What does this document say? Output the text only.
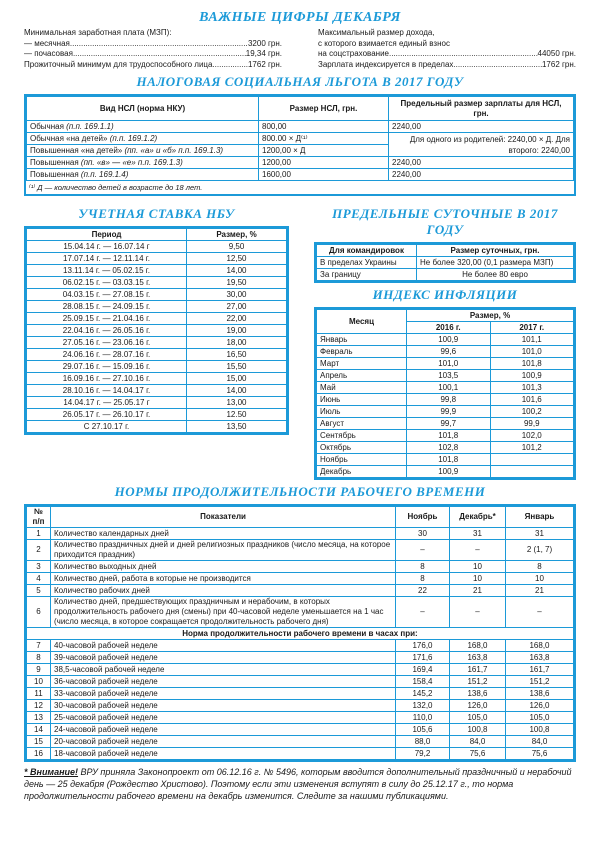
ВАЖНЫЕ ЦИФРЫ ДЕКАБРЯ
Минимальная заработная плата (МЗП):
— месячная .....	3200 грн.
— почасовая .....	19,34 грн.
Прожиточный минимум для трудоспособного лица .....	1762 грн.
Максимальный размер дохода,
с которого взимается единый взнос
на соцстрахование .....	44050 грн.
Зарплата индексируется в пределах .....	1762 грн.
НАЛОГОВАЯ СОЦИАЛЬНАЯ ЛЬГОТА В 2017 ГОДУ
Вид НСЛ (норма НКУ)	Размер НСЛ, грн.	Предельный размер зарплаты для НСЛ, грн.
Обычная (п.п. 169.1.1)	800,00	2240,00
Обычная «на детей» (п.п. 169.1.2)	800.00 × Д⁽¹⁾	Для одного из родителей: 2240,00 × Д. Для второго: 2240,00
Повышенная «на детей» (пп. «а» и «б» п.п. 169.1.3)	1200,00 × Д	
Повышенная (пп. «в» — «е» п.п. 169.1.3)	1200,00	2240,00
Повышенная (п.п. 169.1.4)	1600,00	2240,00
⁽¹⁾ Д — количество детей в возрасте до 18 лет.
УЧЕТНАЯ СТАВКА НБУ
Период	Размер, %
15.04.14 г. — 16.07.14 г	9,50
17.07.14 г. — 12.11.14 г.	12,50
13.11.14 г. — 05.02.15 г.	14,00
06.02.15 г. — 03.03.15 г.	19,50
04.03.15 г. — 27.08.15 г.	30,00
28.08.15 г. — 24.09.15 г.	27,00
25.09.15 г. — 21.04.16 г.	22,00
22.04.16 г. — 26.05.16 г.	19,00
27.05.16 г. — 23.06.16 г.	18,00
24.06.16 г. — 28.07.16 г.	16,50
29.07.16 г. — 15.09.16 г.	15,50
16.09.16 г. — 27.10.16 г.	15,00
28.10.16 г. — 14.04.17 г.	14,00
14.04.17 г. — 25.05.17 г	13,00
26.05.17 г. — 26.10.17 г.	12.50
С 27.10.17 г.	13,50
ПРЕДЕЛЬНЫЕ СУТОЧНЫЕ В 2017 ГОДУ
Для командировок	Размер суточных, грн.
В пределах Украины	Не более 320,00 (0,1 размера МЗП)
За границу	Не более 80 евро
ИНДЕКС ИНФЛЯЦИИ
Месяц	Размер, %	
	2016 г.	2017 г.
Январь	100,9	101,1
Февраль	99,6	101,0
Март	101,0	101,8
Апрель	103,5	100,9
Май	100,1	101,3
Июнь	99,8	101,6
Июль	99,9	100,2
Август	99,7	99,9
Сентябрь	101,8	102,0
Октябрь	102,8	101,2
Ноябрь	101,8	
Декабрь	100,9	
НОРМЫ ПРОДОЛЖИТЕЛЬНОСТИ РАБОЧЕГО ВРЕМЕНИ
№ п/п	Показатели	Ноябрь	Декабрь*	Январь
1	Количество календарных дней	30	31	31
2	Количество праздничных дней и дней религиозных праздников (число месяца, на которое приходится праздник)	–	–	2 (1, 7)
3	Количество выходных дней	8	10	8
4	Количество дней, работа в которые не производится	8	10	10
5	Количество рабочих дней	22	21	21
6	Количество дней, предшествующих праздничным и нерабочим, в которых продолжительность рабочего дня (смены) при 40-часовой неделе уменьшается на 1 час (число месяца, в которое сокращается продолжительность рабочего дня)	–	–	–
Норма продолжительности рабочего времени в часах при:				
7	40-часовой рабочей неделе	176,0	168,0	168,0
8	39-часовой рабочей неделе	171,6	163,8	163,8
9	38,5-часовой рабочей неделе	169,4	161,7	161,7
10	36-часовой рабочей неделе	158,4	151,2	151,2
11	33-часовой рабочей неделе	145,2	138,6	138,6
12	30-часовой рабочей неделе	132,0	126,0	126,0
13	25-часовой рабочей неделе	110,0	105,0	105,0
14	24-часовой рабочей неделе	105,6	100,8	100,8
15	20-часовой рабочей неделе	88,0	84,0	84,0
16	18-часовой рабочей неделе	79,2	75,6	75,6
* Внимание! ВРУ приняла Законопроект от 06.12.16 г. № 5496, которым вводится дополнительный праздничный и нерабочий день — 25 декабря (Рождество Христово). Поэтому если эти изменения вступят в силу до 25.12.17 г., то норма продолжительности рабочего времени на декабрь изменится. Следите за нашими публикациями.
